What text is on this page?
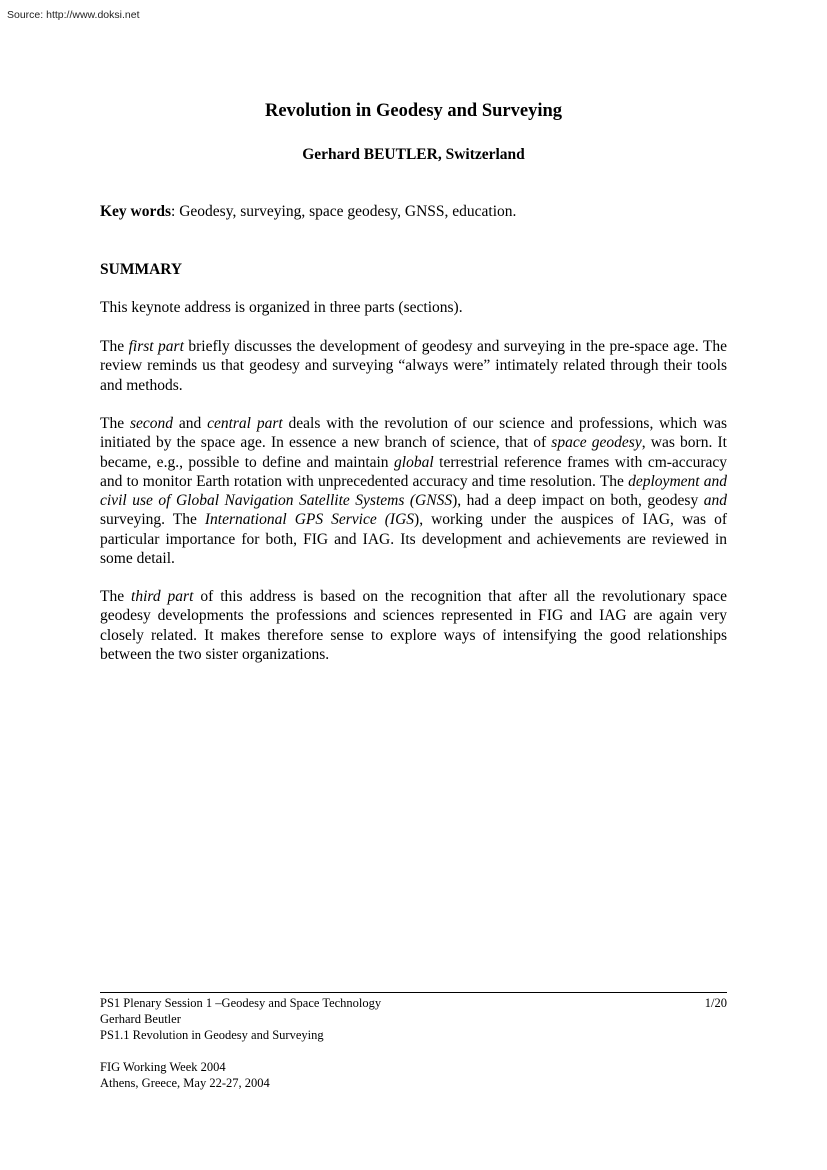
Source: http://www.doksi.net
Revolution in Geodesy and Surveying
Gerhard BEUTLER, Switzerland
Key words: Geodesy, surveying, space geodesy, GNSS, education.
SUMMARY

This keynote address is organized in three parts (sections).

The first part briefly discusses the development of geodesy and surveying in the pre-space age. The review reminds us that geodesy and surveying “always were” intimately related through their tools and methods.

The second and central part deals with the revolution of our science and professions, which was initiated by the space age. In essence a new branch of science, that of space geodesy, was born. It became, e.g., possible to define and maintain global terrestrial reference frames with cm-accuracy and to monitor Earth rotation with unprecedented accuracy and time resolution. The deployment and civil use of Global Navigation Satellite Systems (GNSS), had a deep impact on both, geodesy and surveying. The International GPS Service (IGS), working under the auspices of IAG, was of particular importance for both, FIG and IAG. Its development and achievements are reviewed in some detail.

The third part of this address is based on the recognition that after all the revolutionary space geodesy developments the professions and sciences represented in FIG and IAG are again very closely related. It makes therefore sense to explore ways of intensifying the good relationships between the two sister organizations.

PS1 Plenary Session 1 –Geodesy and Space Technology
Gerhard Beutler
PS1.1 Revolution in Geodesy and Surveying
FIG Working Week 2004
Athens, Greece, May 22-27, 2004
1/20
